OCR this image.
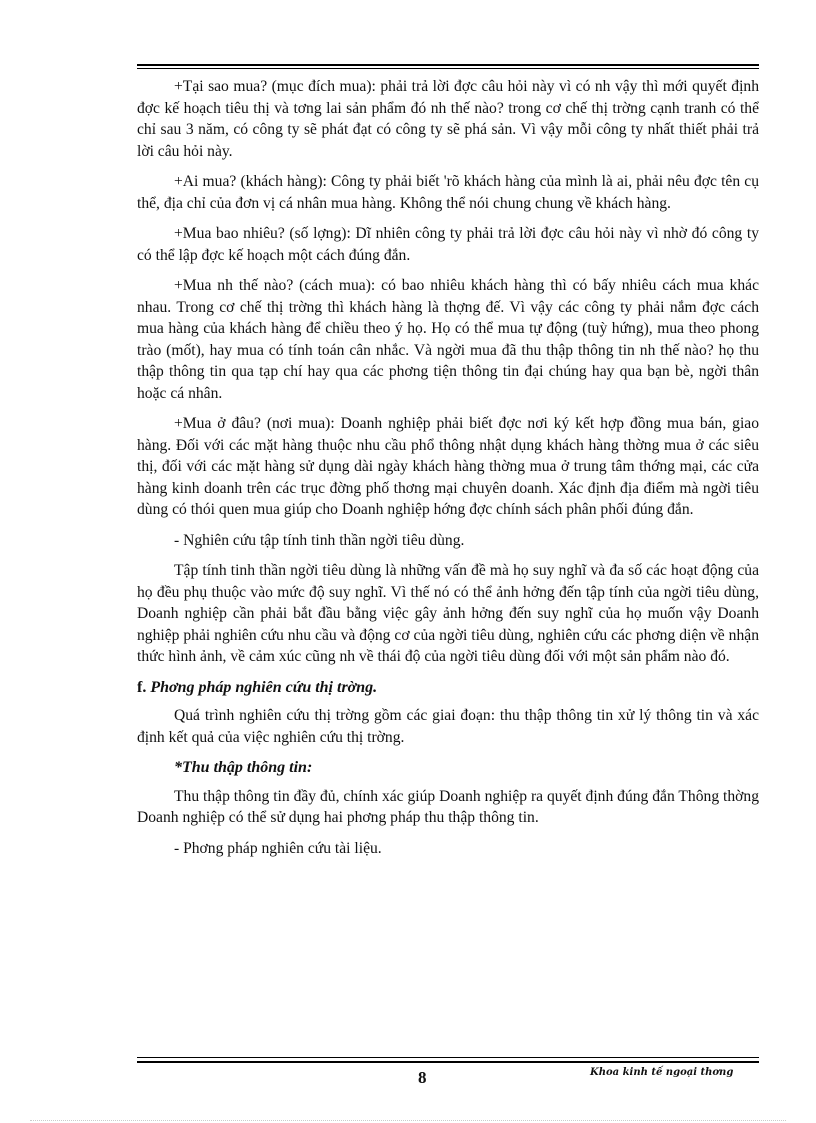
+Tại sao mua? (mục đích mua): phải trả lời đợc câu hỏi này vì có nh vậy thì mới quyết định đợc kế hoạch tiêu thị và tơng lai sản phẩm đó nh thế nào? trong cơ chế thị trờng cạnh tranh có thể chỉ sau 3 năm, có công ty sẽ phát đạt có công ty sẽ phá sản. Vì vậy mỗi công ty nhất thiết phải trả lời câu hỏi này.

+Ai mua? (khách hàng): Công ty phải biết 'rõ khách hàng của mình là ai, phải nêu đợc tên cụ thể, địa chỉ của đơn vị cá nhân mua hàng. Không thể nói chung chung về khách hàng.

+Mua bao nhiêu? (số lợng): Dĩ nhiên công ty phải trả lời đợc câu hỏi này vì nhờ đó công ty có thể lập đợc kế hoạch một cách đúng đắn.

+Mua nh thế nào? (cách mua): có bao nhiêu khách hàng thì có bấy nhiêu cách mua khác nhau. Trong cơ chế thị trờng thì khách hàng là thợng đế. Vì vậy các công ty phải nắm đợc cách mua hàng của khách hàng để chiều theo ý họ. Họ có thể mua tự động (tuỳ hứng), mua theo phong trào (mốt), hay mua có tính toán cân nhắc. Và ngời mua đã thu thập thông tin nh thế nào? họ thu thập thông tin qua tạp chí hay qua các phơng tiện thông tin đại chúng hay qua bạn bè, ngời thân hoặc cá nhân.

+Mua ở đâu? (nơi mua): Doanh nghiệp phải biết đợc nơi ký kết hợp đồng mua bán, giao hàng. Đối với các mặt hàng thuộc nhu cầu phổ thông nhật dụng khách hàng thờng mua ở các siêu thị, đối với các mặt hàng sử dụng dài ngày khách hàng thờng mua ở trung tâm thớng mại, các cửa hàng kinh doanh trên các trục đờng phố thơng mại chuyên doanh. Xác định địa điểm mà ngời tiêu dùng có thói quen mua giúp cho Doanh nghiệp hớng đợc chính sách phân phối đúng đắn.

- Nghiên cứu tập tính tinh thần ngời tiêu dùng.

Tập tính tinh thần ngời tiêu dùng là những vấn đề mà họ suy nghĩ và đa số các hoạt động của họ đều phụ thuộc vào mức độ suy nghĩ. Vì thế nó có thể ảnh hởng đến tập tính của ngời tiêu dùng, Doanh nghiệp cần phải bắt đầu bằng việc gây ảnh hởng đến suy nghĩ của họ muốn vậy Doanh nghiệp phải nghiên cứu nhu cầu và động cơ của ngời tiêu dùng, nghiên cứu các phơng diện về nhận thức hình ảnh, về cảm xúc cũng nh về thái độ của ngời tiêu dùng đối với một sản phẩm nào đó.

f. Phơng pháp nghiên cứu thị trờng.

Quá trình nghiên cứu thị trờng gồm các giai đoạn: thu thập thông tin xử lý thông tin và xác định kết quả của việc nghiên cứu thị trờng.

*Thu thập thông tin:

Thu thập thông tin đầy đủ, chính xác giúp Doanh nghiệp ra quyết định đúng đắn Thông thờng Doanh nghiệp có thể sử dụng hai phơng pháp thu thập thông tin.

- Phơng pháp nghiên cứu tài liệu.

8	Khoa kinh tế ngoại thơng
